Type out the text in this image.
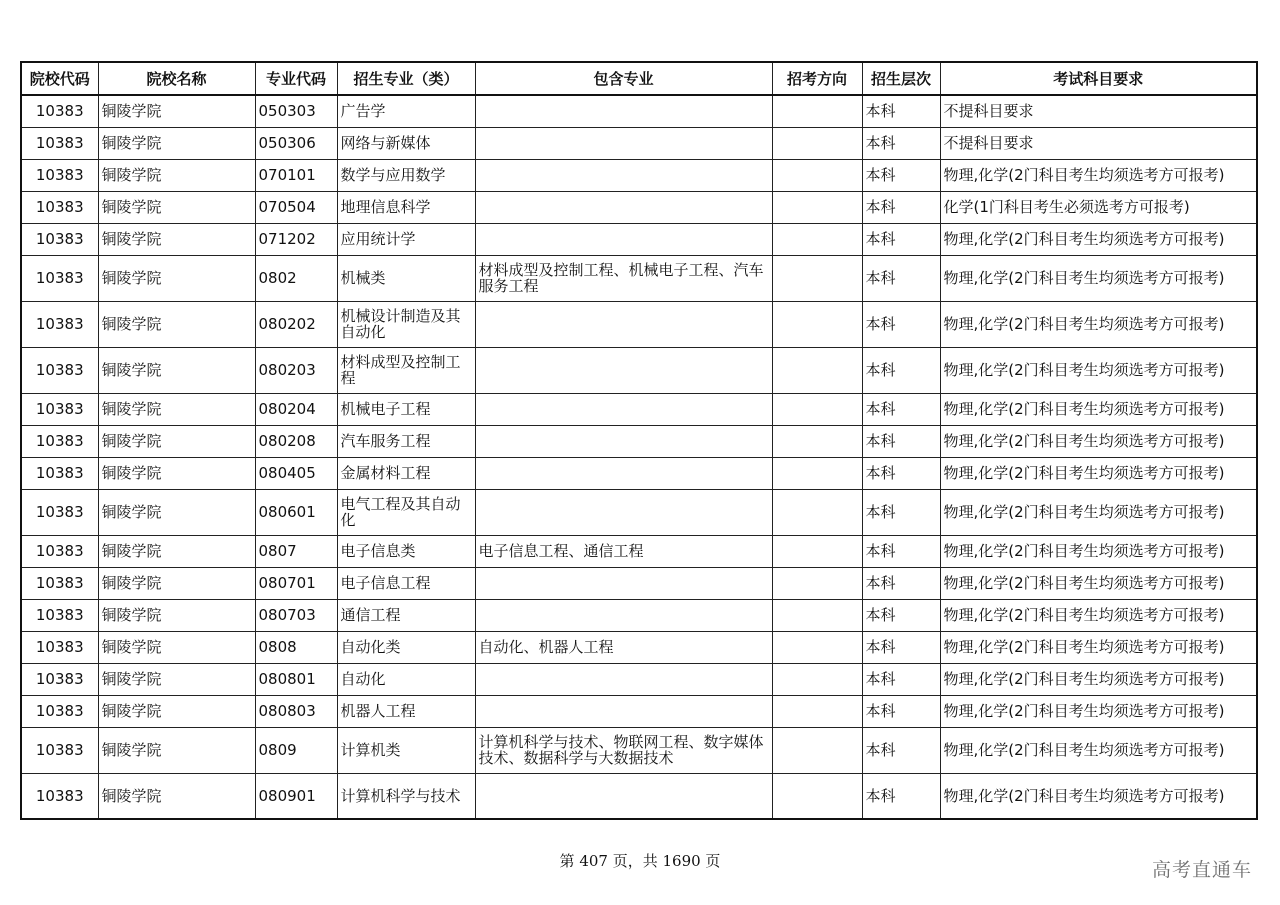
院校代码	院校名称	专业代码	招生专业（类）	包含专业	招考方向	招生层次	考试科目要求
10383	铜陵学院	050303	广告学			本科	不提科目要求
10383	铜陵学院	050306	网络与新媒体			本科	不提科目要求
10383	铜陵学院	070101	数学与应用数学			本科	物理,化学(2门科目考生均须选考方可报考)
10383	铜陵学院	070504	地理信息科学			本科	化学(1门科目考生必须选考方可报考)
10383	铜陵学院	071202	应用统计学			本科	物理,化学(2门科目考生均须选考方可报考)
10383	铜陵学院	0802	机械类	材料成型及控制工程、机械电子工程、汽车服务工程		本科	物理,化学(2门科目考生均须选考方可报考)
10383	铜陵学院	080202	机械设计制造及其自动化			本科	物理,化学(2门科目考生均须选考方可报考)
10383	铜陵学院	080203	材料成型及控制工程			本科	物理,化学(2门科目考生均须选考方可报考)
10383	铜陵学院	080204	机械电子工程			本科	物理,化学(2门科目考生均须选考方可报考)
10383	铜陵学院	080208	汽车服务工程			本科	物理,化学(2门科目考生均须选考方可报考)
10383	铜陵学院	080405	金属材料工程			本科	物理,化学(2门科目考生均须选考方可报考)
10383	铜陵学院	080601	电气工程及其自动化			本科	物理,化学(2门科目考生均须选考方可报考)
10383	铜陵学院	0807	电子信息类	电子信息工程、通信工程		本科	物理,化学(2门科目考生均须选考方可报考)
10383	铜陵学院	080701	电子信息工程			本科	物理,化学(2门科目考生均须选考方可报考)
10383	铜陵学院	080703	通信工程			本科	物理,化学(2门科目考生均须选考方可报考)
10383	铜陵学院	0808	自动化类	自动化、机器人工程		本科	物理,化学(2门科目考生均须选考方可报考)
10383	铜陵学院	080801	自动化			本科	物理,化学(2门科目考生均须选考方可报考)
10383	铜陵学院	080803	机器人工程			本科	物理,化学(2门科目考生均须选考方可报考)
10383	铜陵学院	0809	计算机类	计算机科学与技术、物联网工程、数字媒体技术、数据科学与大数据技术		本科	物理,化学(2门科目考生均须选考方可报考)
10383	铜陵学院	080901	计算机科学与技术			本科	物理,化学(2门科目考生均须选考方可报考)
第 407 页，共 1690 页	高考直通车
